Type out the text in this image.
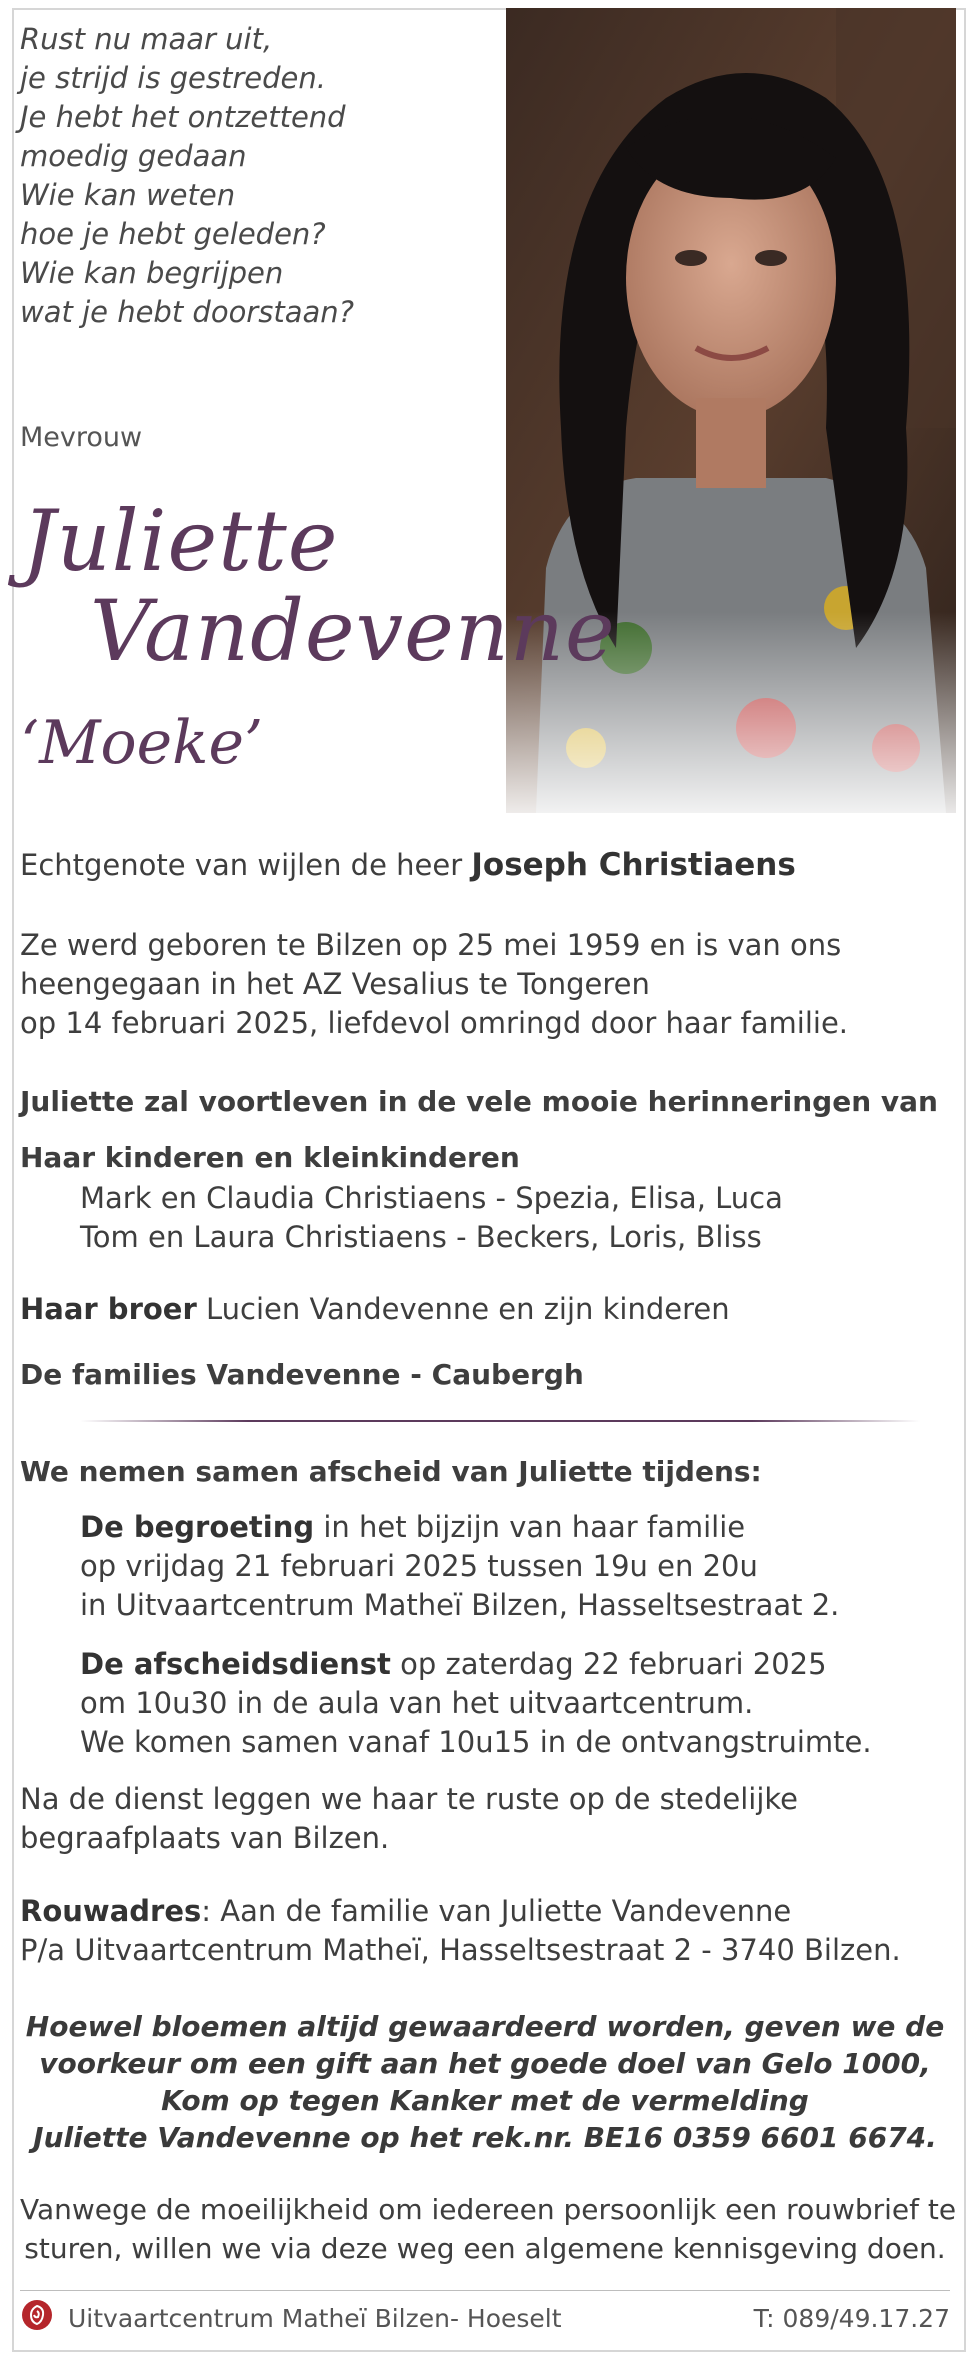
Rust nu maar uit,
je strijd is gestreden.
Je hebt het ontzettend
moedig gedaan
Wie kan weten
hoe je hebt geleden?
Wie kan begrijpen
wat je hebt doorstaan?
Mevrouw
Juliette
Vandevenne
‘Moeke’
Echtgenote van wijlen de heer Joseph Christiaens
Ze werd geboren te Bilzen op 25 mei 1959 en is van ons
heengegaan in het AZ Vesalius te Tongeren
op 14 februari 2025, liefdevol omringd door haar familie.
Juliette zal voortleven in de vele mooie herinneringen van
Haar kinderen en kleinkinderen
Mark en Claudia Christiaens - Spezia, Elisa, Luca
Tom en Laura Christiaens - Beckers, Loris, Bliss
Haar broer Lucien Vandevenne en zijn kinderen
De families Vandevenne - Caubergh
We nemen samen afscheid van Juliette tijdens:
De begroeting in het bijzijn van haar familie
op vrijdag 21 februari 2025 tussen 19u en 20u
in Uitvaartcentrum Matheï Bilzen, Hasseltsestraat 2.
De afscheidsdienst op zaterdag 22 februari 2025
om 10u30 in de aula van het uitvaartcentrum.
We komen samen vanaf 10u15 in de ontvangstruimte.
Na de dienst leggen we haar te ruste op de stedelijke
begraafplaats van Bilzen.
Rouwadres: Aan de familie van Juliette Vandevenne
P/a Uitvaartcentrum Matheï, Hasseltsestraat 2 - 3740 Bilzen.
Hoewel bloemen altijd gewaardeerd worden, geven we de
voorkeur om een gift aan het goede doel van Gelo 1000,
Kom op tegen Kanker met de vermelding
Juliette Vandevenne op het rek.nr. BE16 0359 6601 6674.
Vanwege de moeilijkheid om iedereen persoonlijk een rouwbrief te
sturen, willen we via deze weg een algemene kennisgeving doen.
Uitvaartcentrum Matheï Bilzen- Hoeselt	T: 089/49.17.27
